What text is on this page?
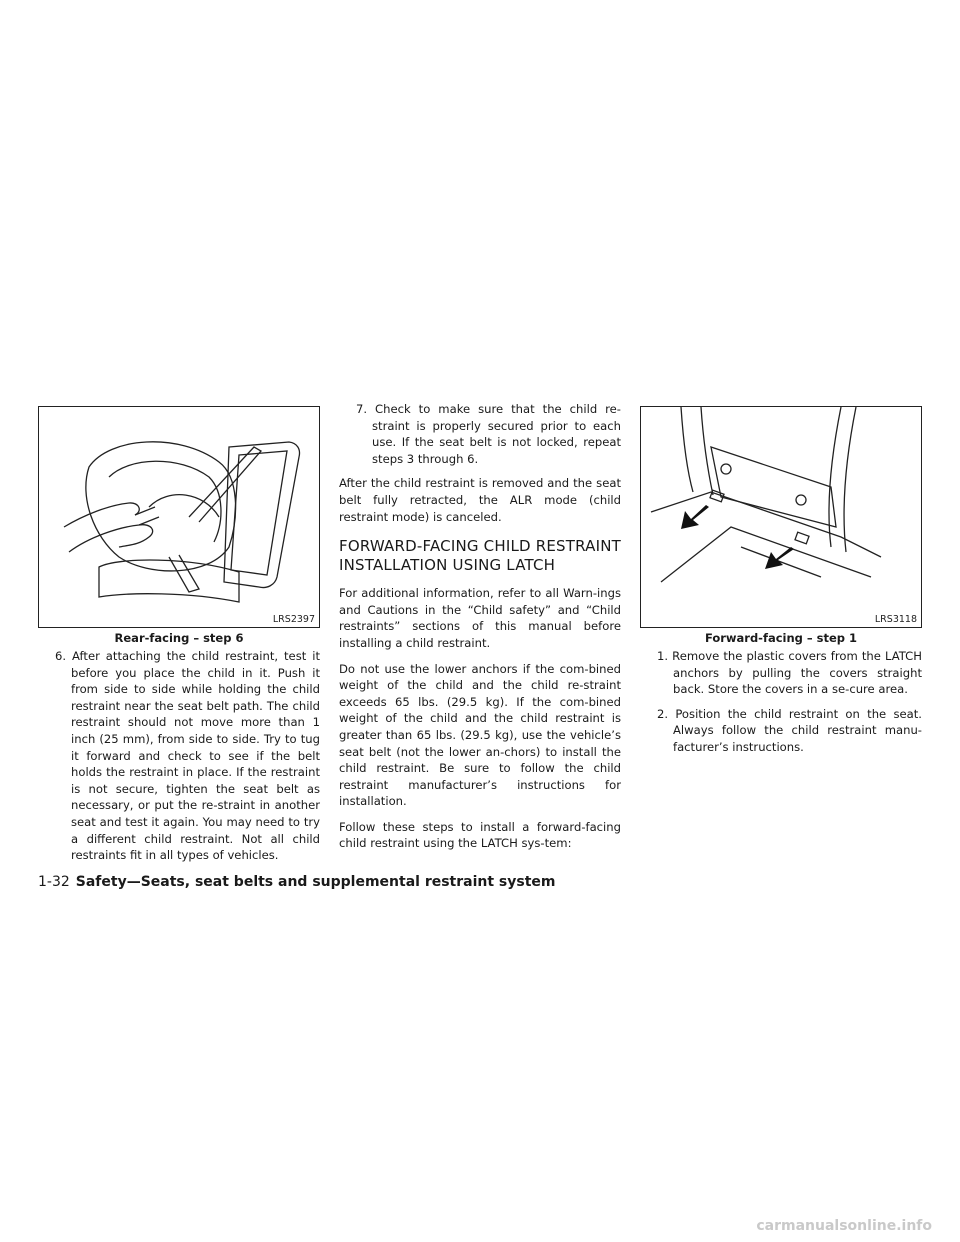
LRS2397
Rear-facing – step 6

6. After attaching the child restraint, test it before you place the child in it. Push it from side to side while holding the child restraint near the seat belt path. The child restraint should not move more than 1 inch (25 mm), from side to side. Try to tug it forward and check to see if the belt holds the restraint in place. If the restraint is not secure, tighten the seat belt as necessary, or put the re-straint in another seat and test it again. You may need to try a different child restraint. Not all child restraints fit in all types of vehicles.

7. Check to make sure that the child re-straint is properly secured prior to each use. If the seat belt is not locked, repeat steps 3 through 6.

After the child restraint is removed and the seat belt fully retracted, the ALR mode (child restraint mode) is canceled.

FORWARD-FACING CHILD RESTRAINT INSTALLATION USING LATCH

For additional information, refer to all Warn-ings and Cautions in the “Child safety” and “Child restraints” sections of this manual before installing a child restraint.

Do not use the lower anchors if the com-bined weight of the child and the child re-straint exceeds 65 lbs. (29.5 kg). If the com-bined weight of the child and the child restraint is greater than 65 lbs. (29.5 kg), use the vehicle’s seat belt (not the lower an-chors) to install the child restraint. Be sure to follow the child restraint manufacturer’s instructions for installation.

Follow these steps to install a forward-facing child restraint using the LATCH sys-tem:

LRS3118
Forward-facing – step 1

1. Remove the plastic covers from the LATCH anchors by pulling the covers straight back. Store the covers in a se-cure area.

2. Position the child restraint on the seat. Always follow the child restraint manu-facturer’s instructions.

1-32 Safety—Seats, seat belts and supplemental restraint system
carmanualsonline.info
